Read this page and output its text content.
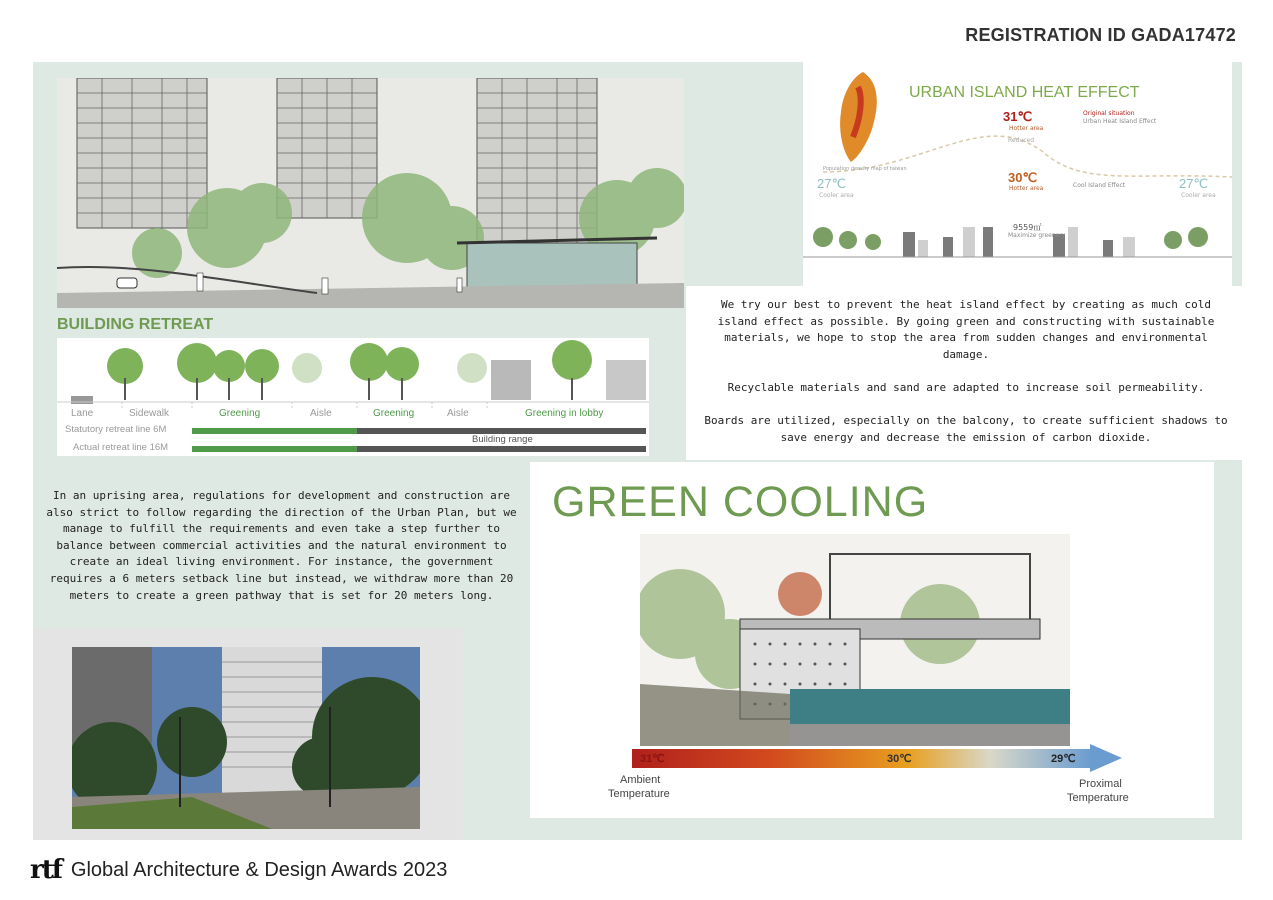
REGISTRATION ID GADA17472
BUILDING RETREAT
Lane	Sidewalk	Greening	Aisle	Greening	Aisle	Greening in lobby
Statutory retreat line 6M
Building range
Actual retreat line 16M
URBAN ISLAND HEAT EFFECT
31℃
Hotter area
Original situation
Urban Heat Island Effect
Reduced
30℃
Hotter area	Cool Island Effect
27℃
Cooler area
27℃
Cooler area
9559㎡
Maximize greenery
Population density map of taiwan
We try our best to prevent the heat island effect by creating as much cold island effect as possible. By going green and constructing with sustainable materials, we hope to stop the area from sudden changes and environmental damage.
Recyclable materials and sand are adapted to increase soil permeability.
Boards are utilized, especially on the balcony, to create sufficient shadows to save energy and decrease the emission of carbon dioxide.
In an uprising area, regulations for development and construction are also strict to follow regarding the direction of the Urban Plan, but we manage to fulfill the requirements and even take a step further to balance between commercial activities and the natural environment to create an ideal living environment. For instance, the government requires a 6 meters setback line but instead, we withdraw more than 20 meters to create a green pathway that is set for 20 meters long.
GREEN COOLING
31℃	30℃	29℃
Ambient
Temperature
Proximal
Temperature
rtf Global Architecture & Design Awards 2023
